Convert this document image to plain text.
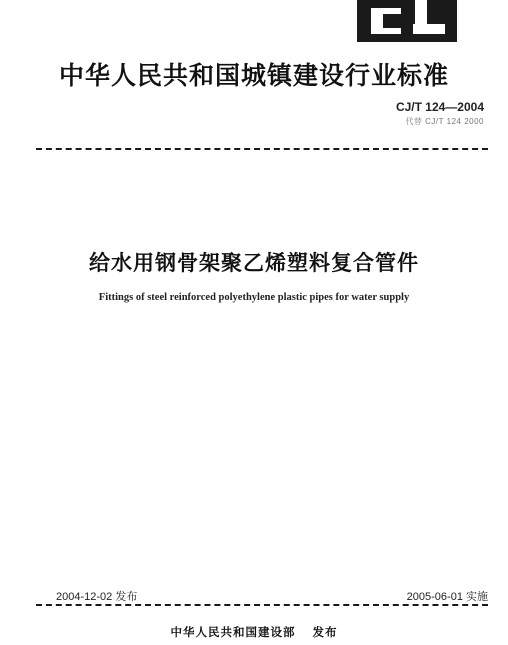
中华人民共和国城镇建设行业标准
CJ/T 124—2004
代替 CJ/T 124 2000
给水用钢骨架聚乙烯塑料复合管件
Fittings of steel reinforced polyethylene plastic pipes for water supply
2004-12-02 发布	2005-06-01 实施
中华人民共和国建设部 发布
